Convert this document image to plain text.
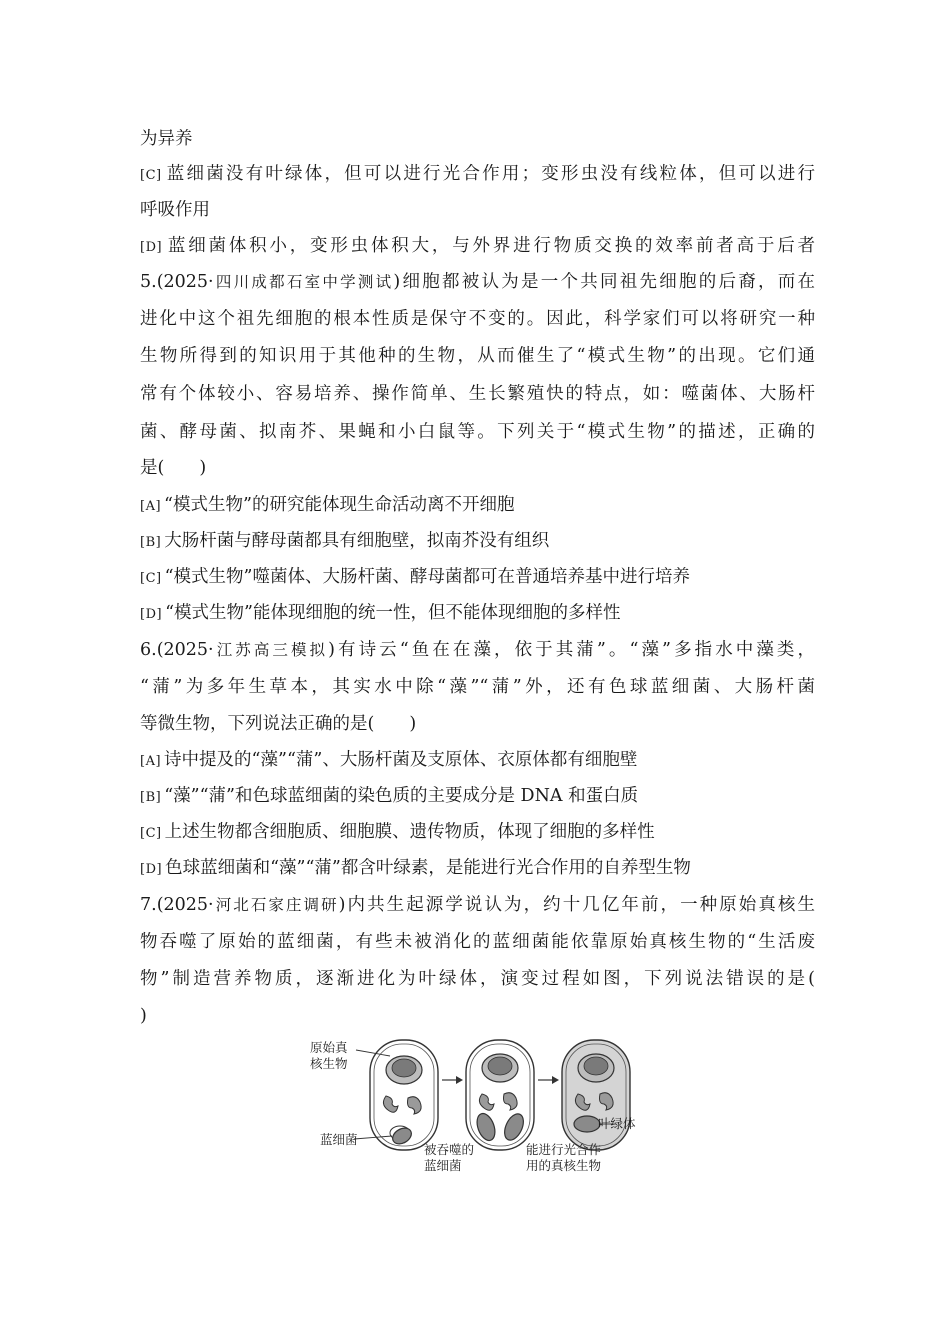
为异养
[C] 蓝细菌没有叶绿体，但可以进行光合作用；变形虫没有线粒体，但可以进行
呼吸作用
[D] 蓝细菌体积小，变形虫体积大，与外界进行物质交换的效率前者高于后者
5.(2025·四川成都石室中学测试)细胞都被认为是一个共同祖先细胞的后裔，而在
进化中这个祖先细胞的根本性质是保守不变的。因此，科学家们可以将研究一种
生物所得到的知识用于其他种的生物，从而催生了“模式生物”的出现。它们通
常有个体较小、容易培养、操作简单、生长繁殖快的特点，如：噬菌体、大肠杆
菌、酵母菌、拟南芥、果蝇和小白鼠等。下列关于“模式生物”的描述，正确的
是(　　)
[A] “模式生物”的研究能体现生命活动离不开细胞
[B] 大肠杆菌与酵母菌都具有细胞壁，拟南芥没有组织
[C] “模式生物”噬菌体、大肠杆菌、酵母菌都可在普通培养基中进行培养
[D] “模式生物”能体现细胞的统一性，但不能体现细胞的多样性
6.(2025·江苏高三模拟)有诗云“鱼在在藻，依于其蒲”。“藻”多指水中藻类，
“蒲”为多年生草本，其实水中除“藻”“蒲”外，还有色球蓝细菌、大肠杆菌
等微生物，下列说法正确的是(　　)
[A] 诗中提及的“藻”“蒲”、大肠杆菌及支原体、衣原体都有细胞壁
[B] “藻”“蒲”和色球蓝细菌的染色质的主要成分是 DNA 和蛋白质
[C] 上述生物都含细胞质、细胞膜、遗传物质，体现了细胞的多样性
[D] 色球蓝细菌和“藻”“蒲”都含叶绿素，是能进行光合作用的自养型生物
7.(2025·河北石家庄调研)内共生起源学说认为，约十几亿年前，一种原始真核生
物吞噬了原始的蓝细菌，有些未被消化的蓝细菌能依靠原始真核生物的“生活废
物”制造营养物质，逐渐进化为叶绿体，演变过程如图，下列说法错误的是(
)
原始真
核生物
蓝细菌
被吞噬的
蓝细菌
能进行光合作
用的真核生物
叶绿体
